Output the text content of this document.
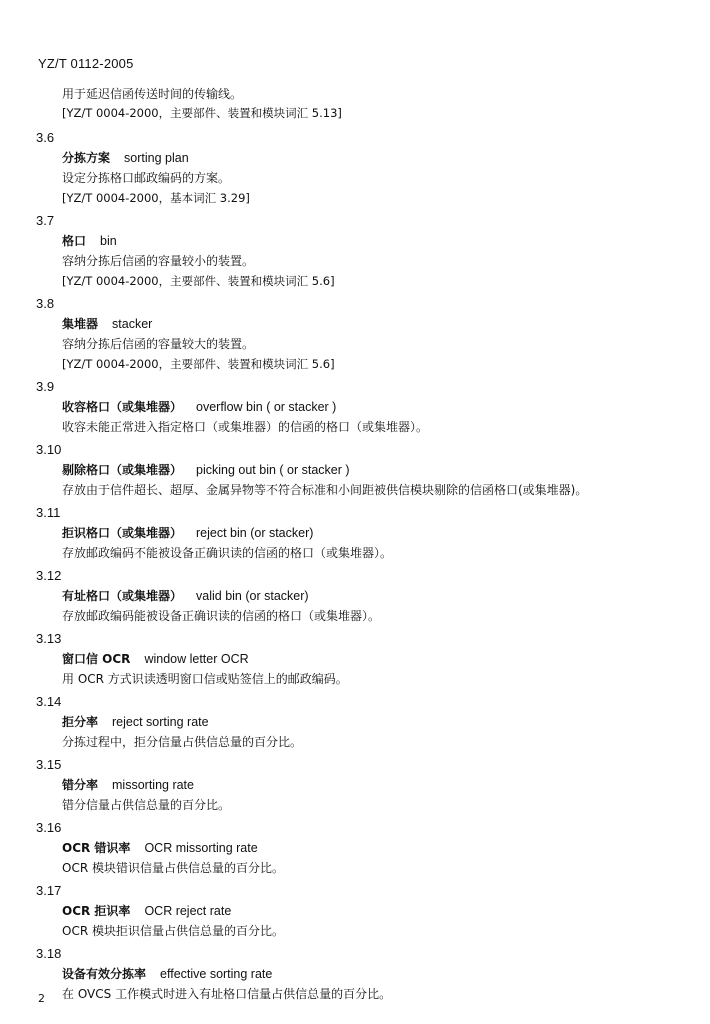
YZ/T 0112-2005
用于延迟信函传送时间的传输线。
[YZ/T 0004-2000，主要部件、装置和模块词汇 5.13]
3.6
分拣方案 sorting plan
设定分拣格口邮政编码的方案。
[YZ/T 0004-2000，基本词汇 3.29]
3.7
格口 bin
容纳分拣后信函的容量较小的装置。
[YZ/T 0004-2000，主要部件、装置和模块词汇 5.6]
3.8
集堆器 stacker
容纳分拣后信函的容量较大的装置。
[YZ/T 0004-2000，主要部件、装置和模块词汇 5.6]
3.9
收容格口（或集堆器） overflow bin ( or stacker )
收容未能正常进入指定格口（或集堆器）的信函的格口（或集堆器）。
3.10
剔除格口（或集堆器） picking out bin ( or stacker )
存放由于信件超长、超厚、金属异物等不符合标准和小间距被供信模块剔除的信函格口(或集堆器)。
3.11
拒识格口（或集堆器） reject bin (or stacker)
存放邮政编码不能被设备正确识读的信函的格口（或集堆器）。
3.12
有址格口（或集堆器） valid bin (or stacker)
存放邮政编码能被设备正确识读的信函的格口（或集堆器）。
3.13
窗口信 OCR window letter OCR
用 OCR 方式识读透明窗口信或贴签信上的邮政编码。
3.14
拒分率 reject sorting rate
分拣过程中，拒分信量占供信总量的百分比。
3.15
错分率 missorting rate
错分信量占供信总量的百分比。
3.16
OCR 错识率 OCR missorting rate
OCR 模块错识信量占供信总量的百分比。
3.17
OCR 拒识率 OCR reject rate
OCR 模块拒识信量占供信总量的百分比。
3.18
设备有效分拣率 effective sorting rate
在 OVCS 工作模式时进入有址格口信量占供信总量的百分比。
2
